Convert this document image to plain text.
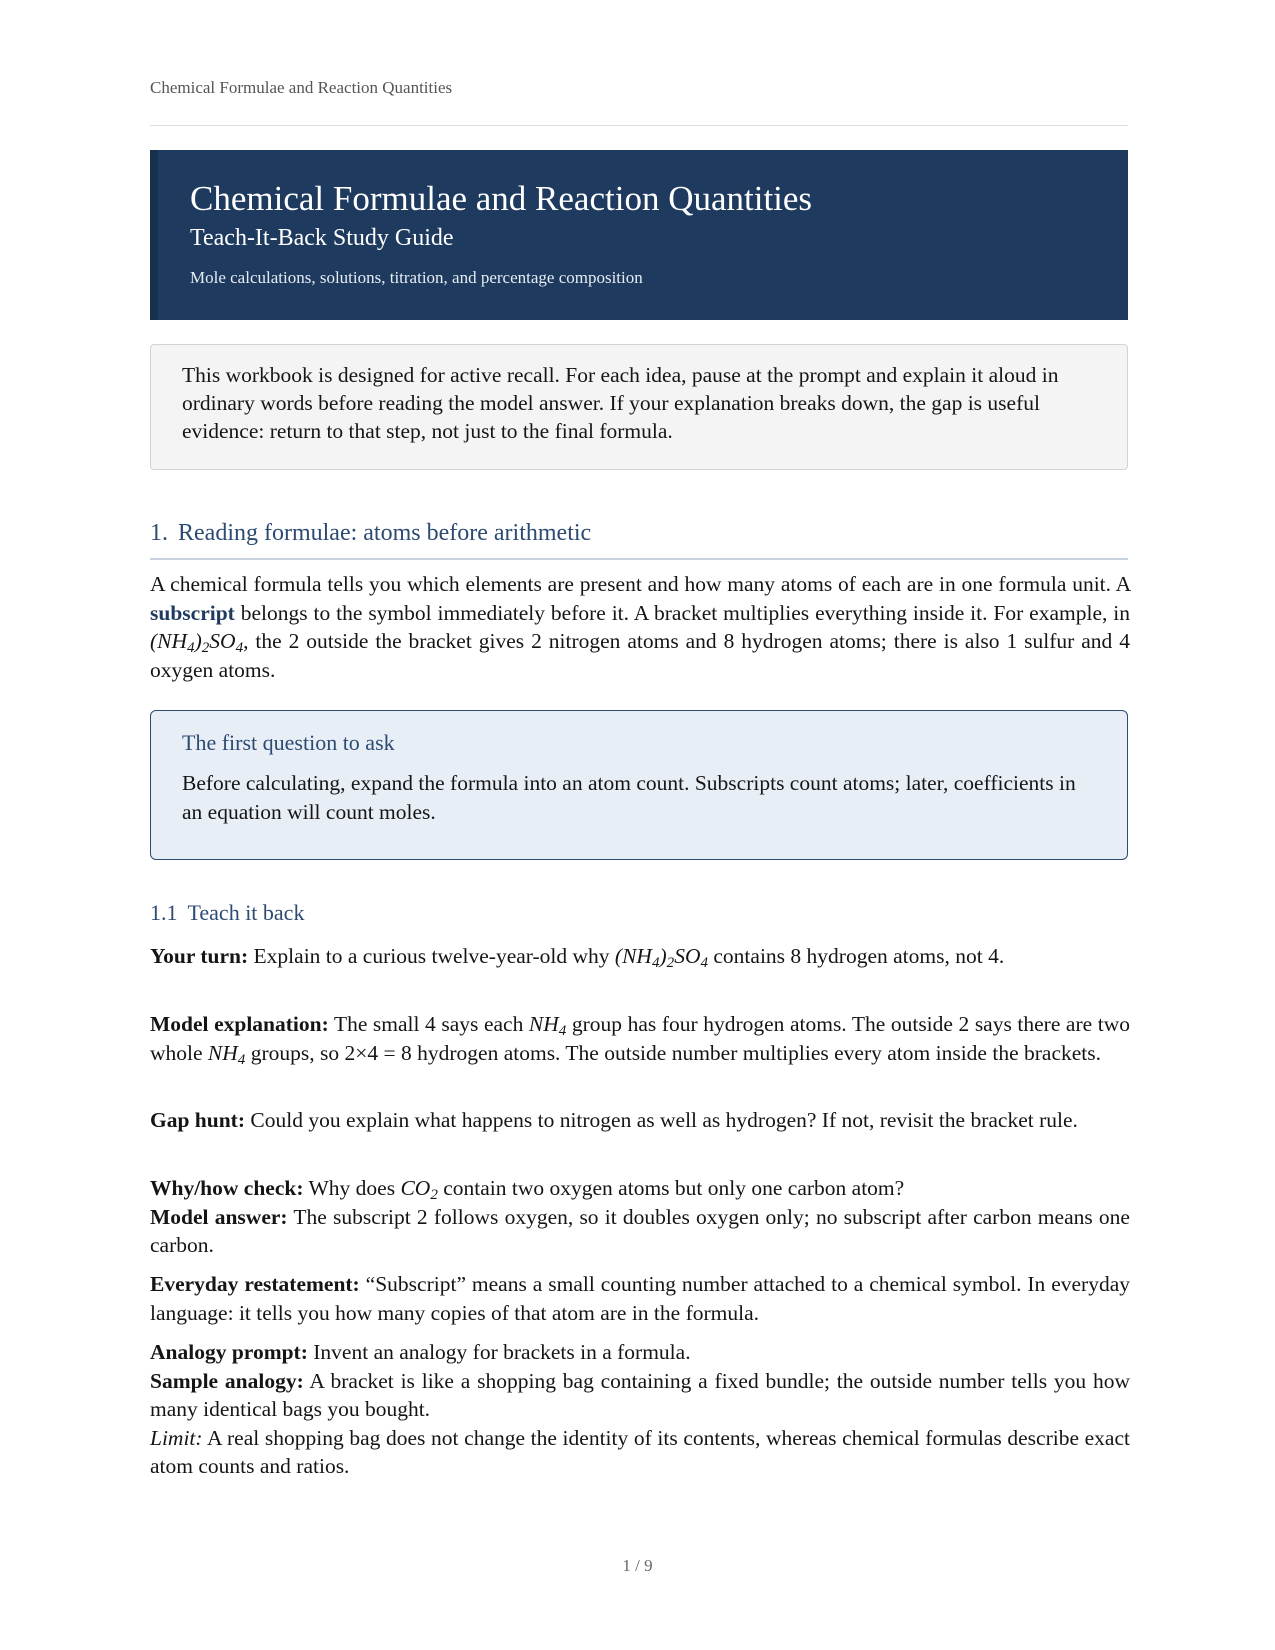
Chemical Formulae and Reaction Quantities
Chemical Formulae and Reaction Quantities
Teach-It-Back Study Guide
Mole calculations, solutions, titration, and percentage composition
This workbook is designed for active recall. For each idea, pause at the prompt and explain it aloud in ordinary words before reading the model answer. If your explanation breaks down, the gap is useful evidence: return to that step, not just to the final formula.
1. Reading formulae: atoms before arithmetic
A chemical formula tells you which elements are present and how many atoms of each are in one formula unit. A subscript belongs to the symbol immediately before it. A bracket multiplies everything inside it. For example, in $(NH_4)_2SO_4$, the 2 outside the bracket gives 2 nitrogen atoms and 8 hydrogen atoms; there is also 1 sulfur and 4 oxygen atoms.
The first question to ask
Before calculating, expand the formula into an atom count. Subscripts count atoms; later, coefficients in an equation will count moles.
1.1 Teach it back
Your turn: Explain to a curious twelve-year-old why $(NH_4)_2SO_4$ contains 8 hydrogen atoms, not 4.
Model explanation: The small 4 says each $NH_4$ group has four hydrogen atoms. The outside 2 says there are two whole $NH_4$ groups, so 2×4 = 8 hydrogen atoms. The outside number multiplies every atom inside the brackets.
Gap hunt: Could you explain what happens to nitrogen as well as hydrogen? If not, revisit the bracket rule.
Why/how check: Why does $CO_2$ contain two oxygen atoms but only one carbon atom?
Model answer: The subscript 2 follows oxygen, so it doubles oxygen only; no subscript after carbon means one carbon.
Everyday restatement: “Subscript” means a small counting number attached to a chemical symbol. In everyday language: it tells you how many copies of that atom are in the formula.
Analogy prompt: Invent an analogy for brackets in a formula.
Sample analogy: A bracket is like a shopping bag containing a fixed bundle; the outside number tells you how many identical bags you bought.
Limit: A real shopping bag does not change the identity of its contents, whereas chemical formulas describe exact atom counts and ratios.
1 / 9
